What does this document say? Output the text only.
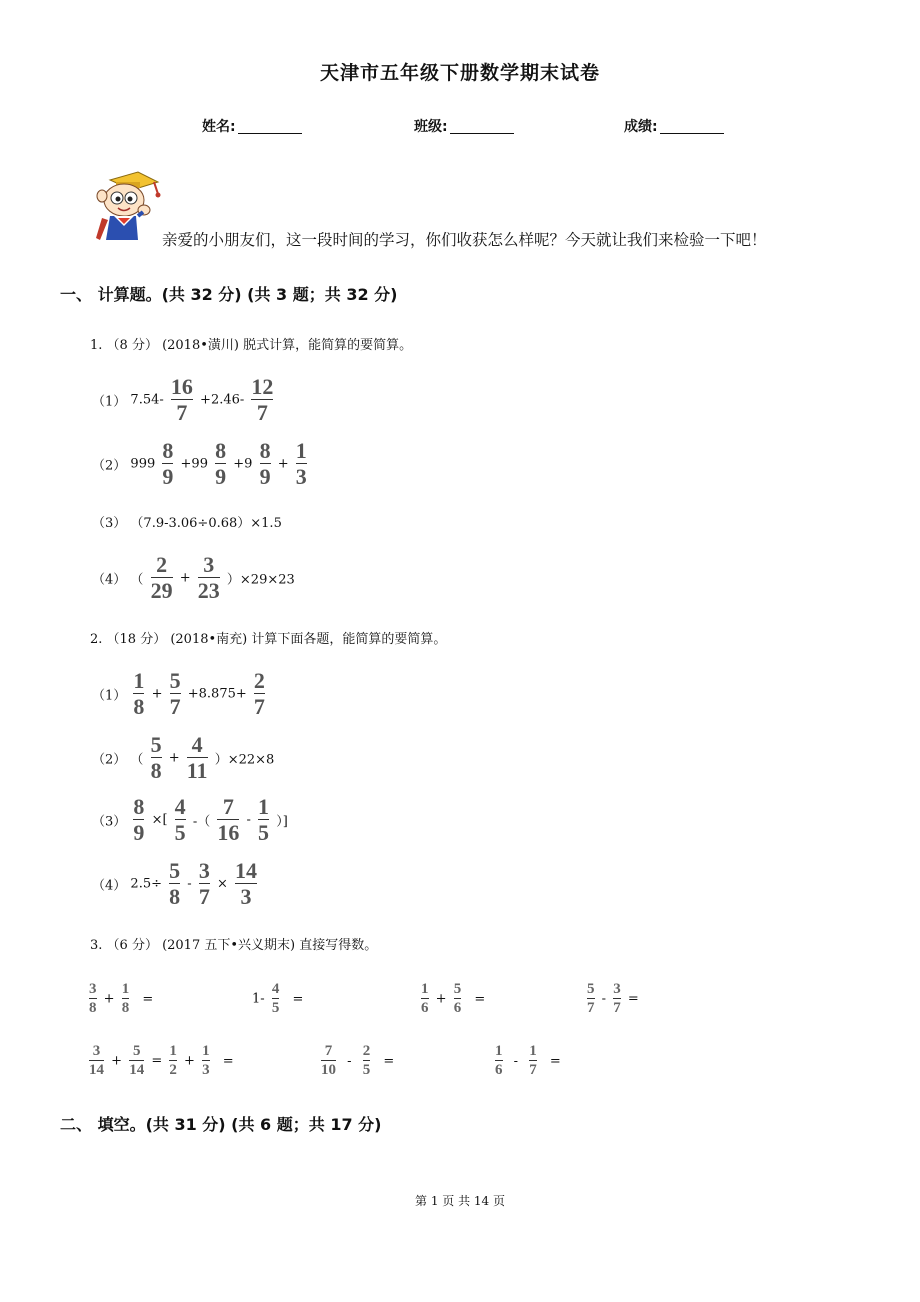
天津市五年级下册数学期末试卷
姓名:	班级:	成绩:
亲爱的小朋友们，这一段时间的学习，你们收获怎么样呢？今天就让我们来检验一下吧！
一、 计算题。(共 32 分) (共 3 题；共 32 分)
1. （8 分） (2018•潢川) 脱式计算，能简算的要简算。
（1） $7.54- \frac{16}{7} +2.46- \frac{12}{7}$
（2） $999 \frac{8}{9} +99 \frac{8}{9} +9 \frac{8}{9} + \frac{1}{3}$
（3） （7.9-3.06÷0.68）×1.5
（4） （ $\frac{2}{29} + \frac{3}{23} )\times 29\times 23$
2. （18 分） (2018•南充) 计算下面各题，能简算的要简算。
$(1) \frac{1}{8} + \frac{5}{7} +8.875+ \frac{2}{7}$
（2） （ $\frac{5}{8} + \frac{4}{11} )\times 22\times 8$
$(3) \frac{8}{9}$ ×[ $\frac{4}{5}$ -（ $\frac{7}{16} - \frac{1}{5}$ ）]
（4） $2.5\div \frac{5}{8} - \frac{3}{7} \times \frac{14}{3}$
3. （6 分） (2017 五下•兴义期末) 直接写得数。
$\frac{3}{8} + \frac{1}{8}$ =	$1- \frac{4}{5}$ =	$\frac{1}{6} + \frac{5}{6}$ =	$\frac{5}{7} - \frac{3}{7}$ =
$\frac{3}{14} + \frac{5}{14} = \frac{1}{2} + \frac{1}{3}$ =	$\frac{7}{10} - \frac{2}{5}$ =	$\frac{1}{6} - \frac{1}{7}$ =
二、 填空。(共 31 分) (共 6 题；共 17 分)
第 1 页 共 14 页
